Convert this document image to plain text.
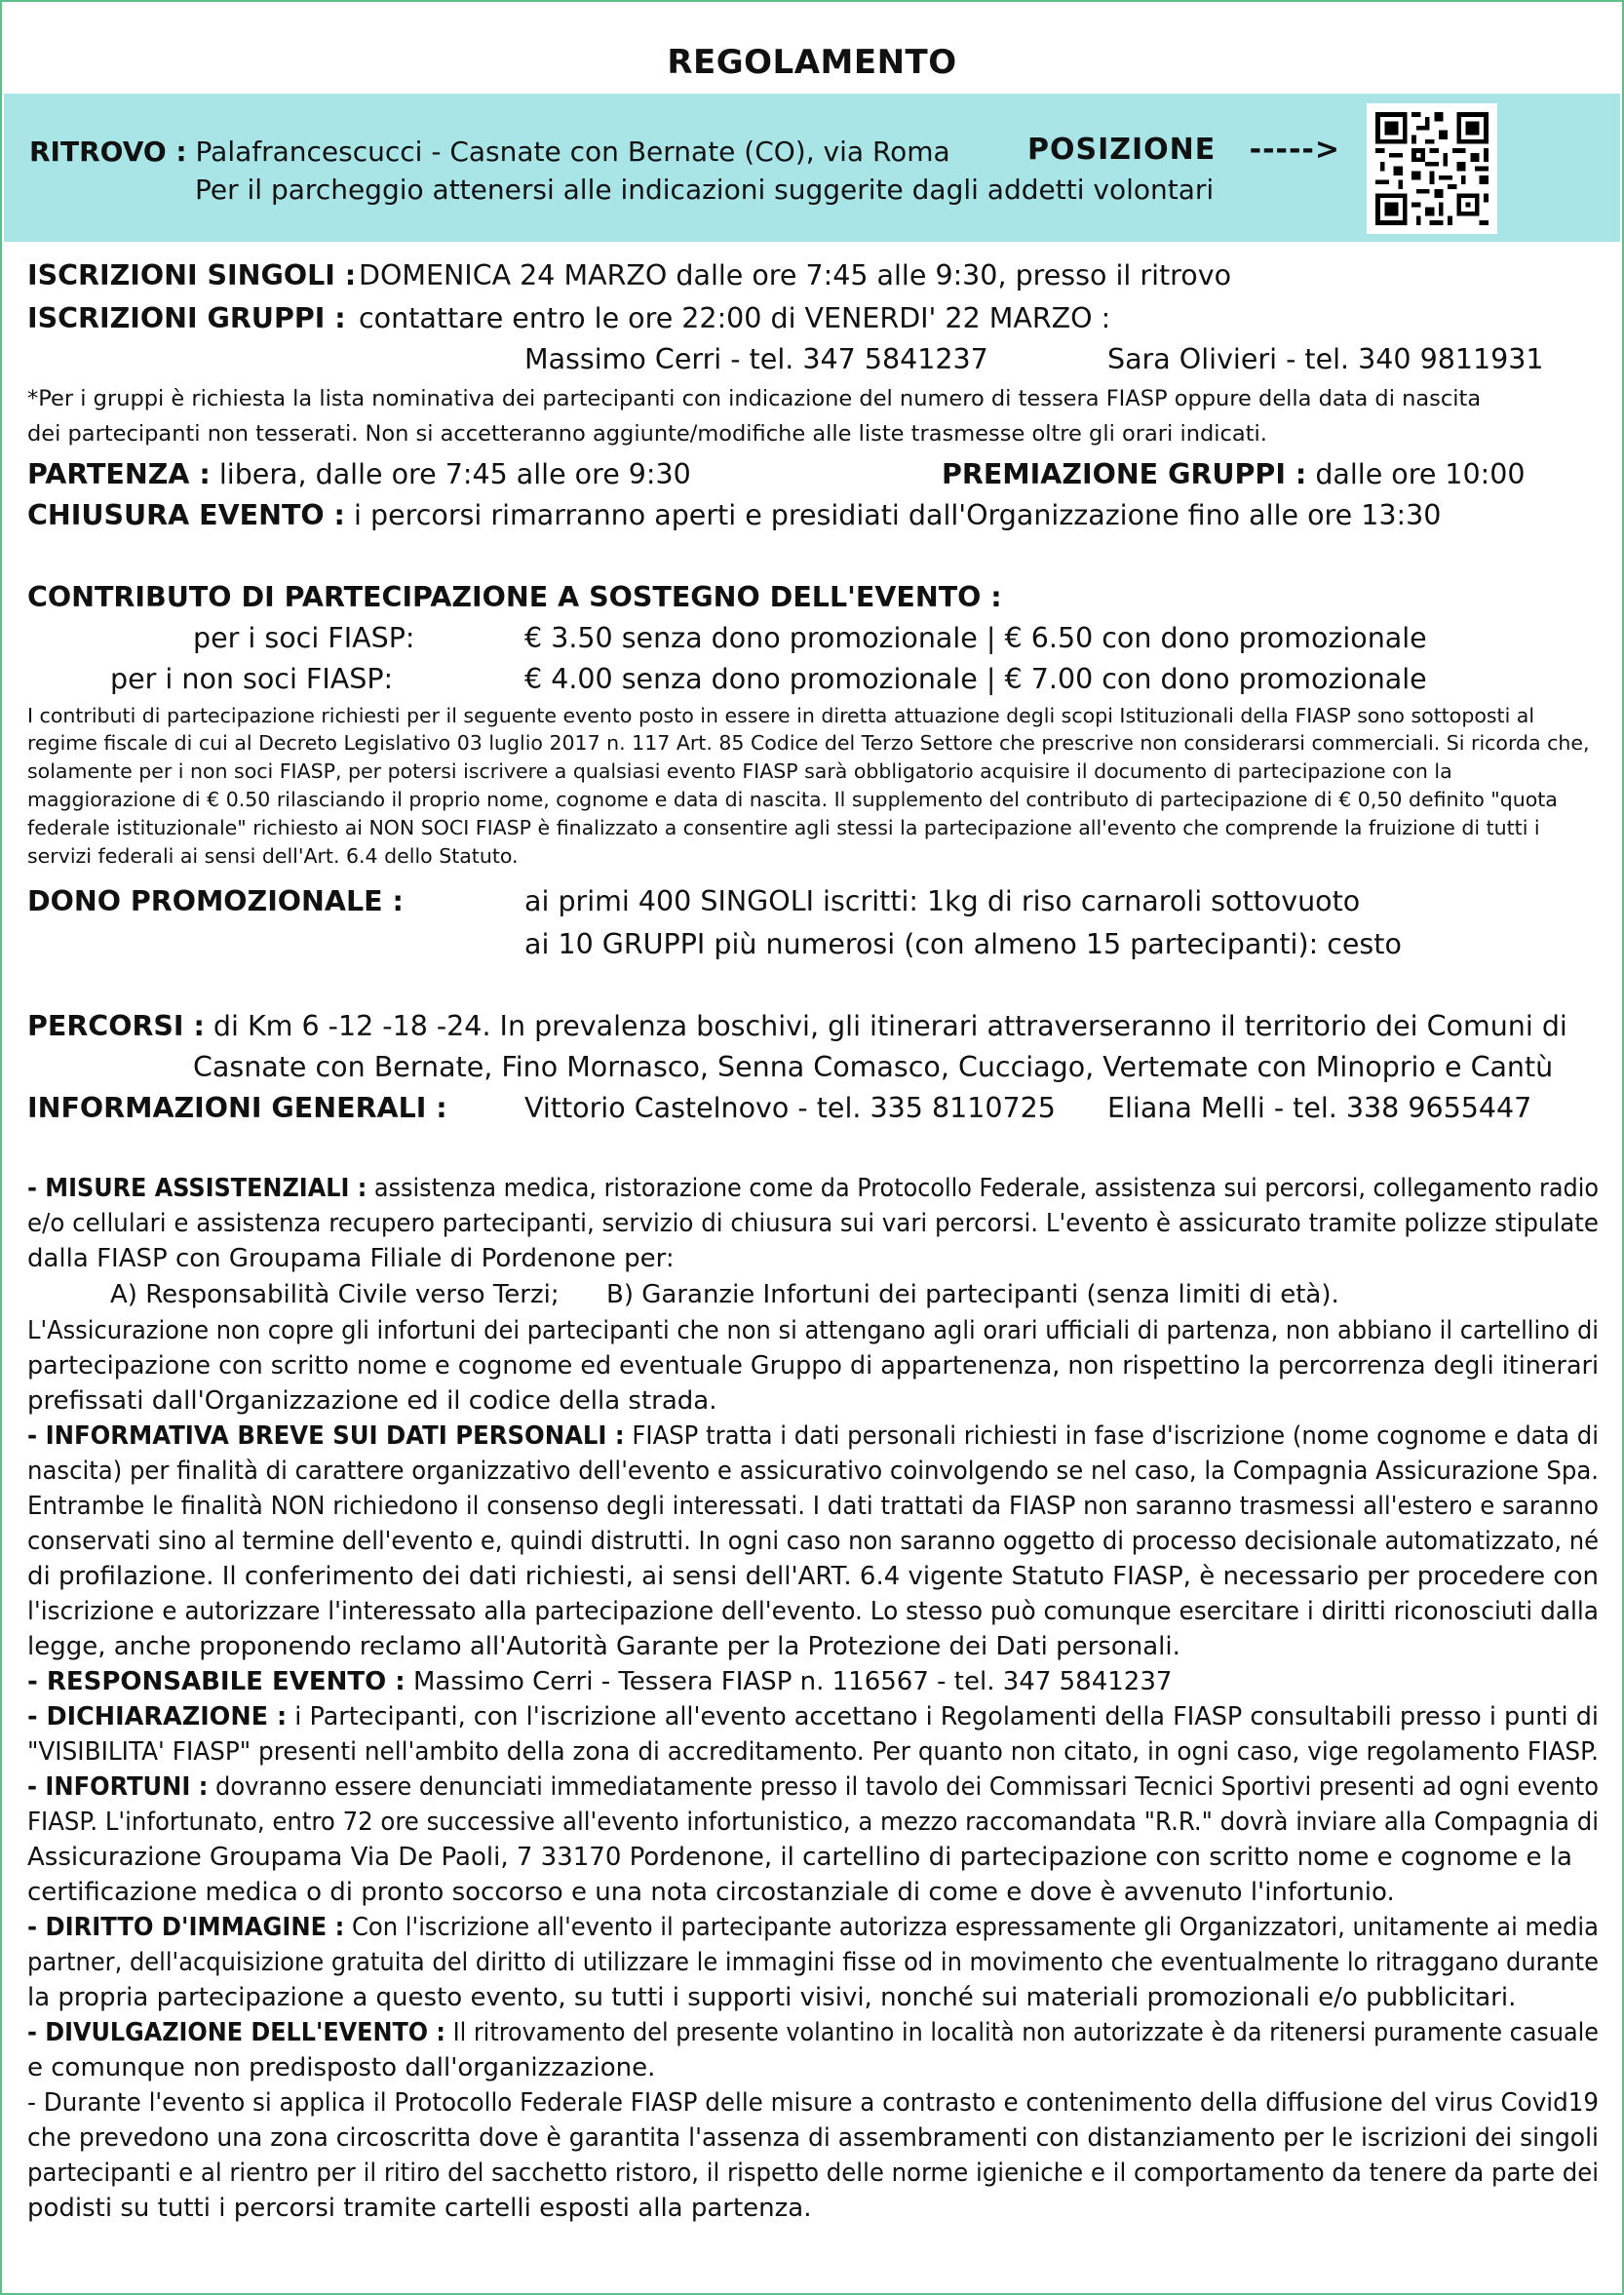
REGOLAMENTO
RITROVO : Palafrancescucci - Casnate con Bernate (CO), via Roma
Per il parcheggio attenersi alle indicazioni suggerite dagli addetti volontari
POSIZIONE ----->
ISCRIZIONI SINGOLI : DOMENICA 24 MARZO dalle ore 7:45 alle 9:30, presso il ritrovo
ISCRIZIONI GRUPPI : contattare entro le ore 22:00 di VENERDI' 22 MARZO :
Massimo Cerri - tel. 347 5841237	Sara Olivieri - tel. 340 9811931
*Per i gruppi è richiesta la lista nominativa dei partecipanti con indicazione del numero di tessera FIASP oppure della data di nascita
dei partecipanti non tesserati. Non si accetteranno aggiunte/modifiche alle liste trasmesse oltre gli orari indicati.
PARTENZA : libera, dalle ore 7:45 alle ore 9:30	PREMIAZIONE GRUPPI : dalle ore 10:00
CHIUSURA EVENTO : i percorsi rimarranno aperti e presidiati dall'Organizzazione fino alle ore 13:30
CONTRIBUTO DI PARTECIPAZIONE A SOSTEGNO DELL'EVENTO :
per i soci FIASP:	€ 3.50 senza dono promozionale | € 6.50 con dono promozionale
per i non soci FIASP:	€ 4.00 senza dono promozionale | € 7.00 con dono promozionale
I contributi di partecipazione richiesti per il seguente evento posto in essere in diretta attuazione degli scopi Istituzionali della FIASP sono sottoposti al
regime fiscale di cui al Decreto Legislativo 03 luglio 2017 n. 117 Art. 85 Codice del Terzo Settore che prescrive non considerarsi commerciali. Si ricorda che,
solamente per i non soci FIASP, per potersi iscrivere a qualsiasi evento FIASP sarà obbligatorio acquisire il documento di partecipazione con la
maggiorazione di € 0.50 rilasciando il proprio nome, cognome e data di nascita. Il supplemento del contributo di partecipazione di € 0,50 definito "quota
federale istituzionale" richiesto ai NON SOCI FIASP è finalizzato a consentire agli stessi la partecipazione all'evento che comprende la fruizione di tutti i
servizi federali ai sensi dell'Art. 6.4 dello Statuto.
DONO PROMOZIONALE :	ai primi 400 SINGOLI iscritti: 1kg di riso carnaroli sottovuoto
ai 10 GRUPPI più numerosi (con almeno 15 partecipanti): cesto
PERCORSI : di Km 6 -12 -18 -24. In prevalenza boschivi, gli itinerari attraverseranno il territorio dei Comuni di
Casnate con Bernate, Fino Mornasco, Senna Comasco, Cucciago, Vertemate con Minoprio e Cantù
INFORMAZIONI GENERALI :	Vittorio Castelnovo - tel. 335 8110725 Eliana Melli - tel. 338 9655447
- MISURE ASSISTENZIALI : assistenza medica, ristorazione come da Protocollo Federale, assistenza sui percorsi, collegamento radio
e/o cellulari e assistenza recupero partecipanti, servizio di chiusura sui vari percorsi. L'evento è assicurato tramite polizze stipulate
dalla FIASP con Groupama Filiale di Pordenone per:
A) Responsabilità Civile verso Terzi; B) Garanzie Infortuni dei partecipanti (senza limiti di età).
L'Assicurazione non copre gli infortuni dei partecipanti che non si attengano agli orari ufficiali di partenza, non abbiano il cartellino di
partecipazione con scritto nome e cognome ed eventuale Gruppo di appartenenza, non rispettino la percorrenza degli itinerari
prefissati dall'Organizzazione ed il codice della strada.
- INFORMATIVA BREVE SUI DATI PERSONALI : FIASP tratta i dati personali richiesti in fase d'iscrizione (nome cognome e data di
nascita) per finalità di carattere organizzativo dell'evento e assicurativo coinvolgendo se nel caso, la Compagnia Assicurazione Spa.
Entrambe le finalità NON richiedono il consenso degli interessati. I dati trattati da FIASP non saranno trasmessi all'estero e saranno
conservati sino al termine dell'evento e, quindi distrutti. In ogni caso non saranno oggetto di processo decisionale automatizzato, né
di profilazione. Il conferimento dei dati richiesti, ai sensi dell'ART. 6.4 vigente Statuto FIASP, è necessario per procedere con
l'iscrizione e autorizzare l'interessato alla partecipazione dell'evento. Lo stesso può comunque esercitare i diritti riconosciuti dalla
legge, anche proponendo reclamo all'Autorità Garante per la Protezione dei Dati personali.
- RESPONSABILE EVENTO : Massimo Cerri - Tessera FIASP n. 116567 - tel. 347 5841237
- DICHIARAZIONE : i Partecipanti, con l'iscrizione all'evento accettano i Regolamenti della FIASP consultabili presso i punti di
"VISIBILITA' FIASP" presenti nell'ambito della zona di accreditamento. Per quanto non citato, in ogni caso, vige regolamento FIASP.
- INFORTUNI : dovranno essere denunciati immediatamente presso il tavolo dei Commissari Tecnici Sportivi presenti ad ogni evento
FIASP. L'infortunato, entro 72 ore successive all'evento infortunistico, a mezzo raccomandata "R.R." dovrà inviare alla Compagnia di
Assicurazione Groupama Via De Paoli, 7 33170 Pordenone, il cartellino di partecipazione con scritto nome e cognome e la
certificazione medica o di pronto soccorso e una nota circostanziale di come e dove è avvenuto l'infortunio.
- DIRITTO D'IMMAGINE : Con l'iscrizione all'evento il partecipante autorizza espressamente gli Organizzatori, unitamente ai media
partner, dell'acquisizione gratuita del diritto di utilizzare le immagini fisse od in movimento che eventualmente lo ritraggano durante
la propria partecipazione a questo evento, su tutti i supporti visivi, nonché sui materiali promozionali e/o pubblicitari.
- DIVULGAZIONE DELL'EVENTO : Il ritrovamento del presente volantino in località non autorizzate è da ritenersi puramente casuale
e comunque non predisposto dall'organizzazione.
- Durante l'evento si applica il Protocollo Federale FIASP delle misure a contrasto e contenimento della diffusione del virus Covid19
che prevedono una zona circoscritta dove è garantita l'assenza di assembramenti con distanziamento per le iscrizioni dei singoli
partecipanti e al rientro per il ritiro del sacchetto ristoro, il rispetto delle norme igieniche e il comportamento da tenere da parte dei
podisti su tutti i percorsi tramite cartelli esposti alla partenza.
